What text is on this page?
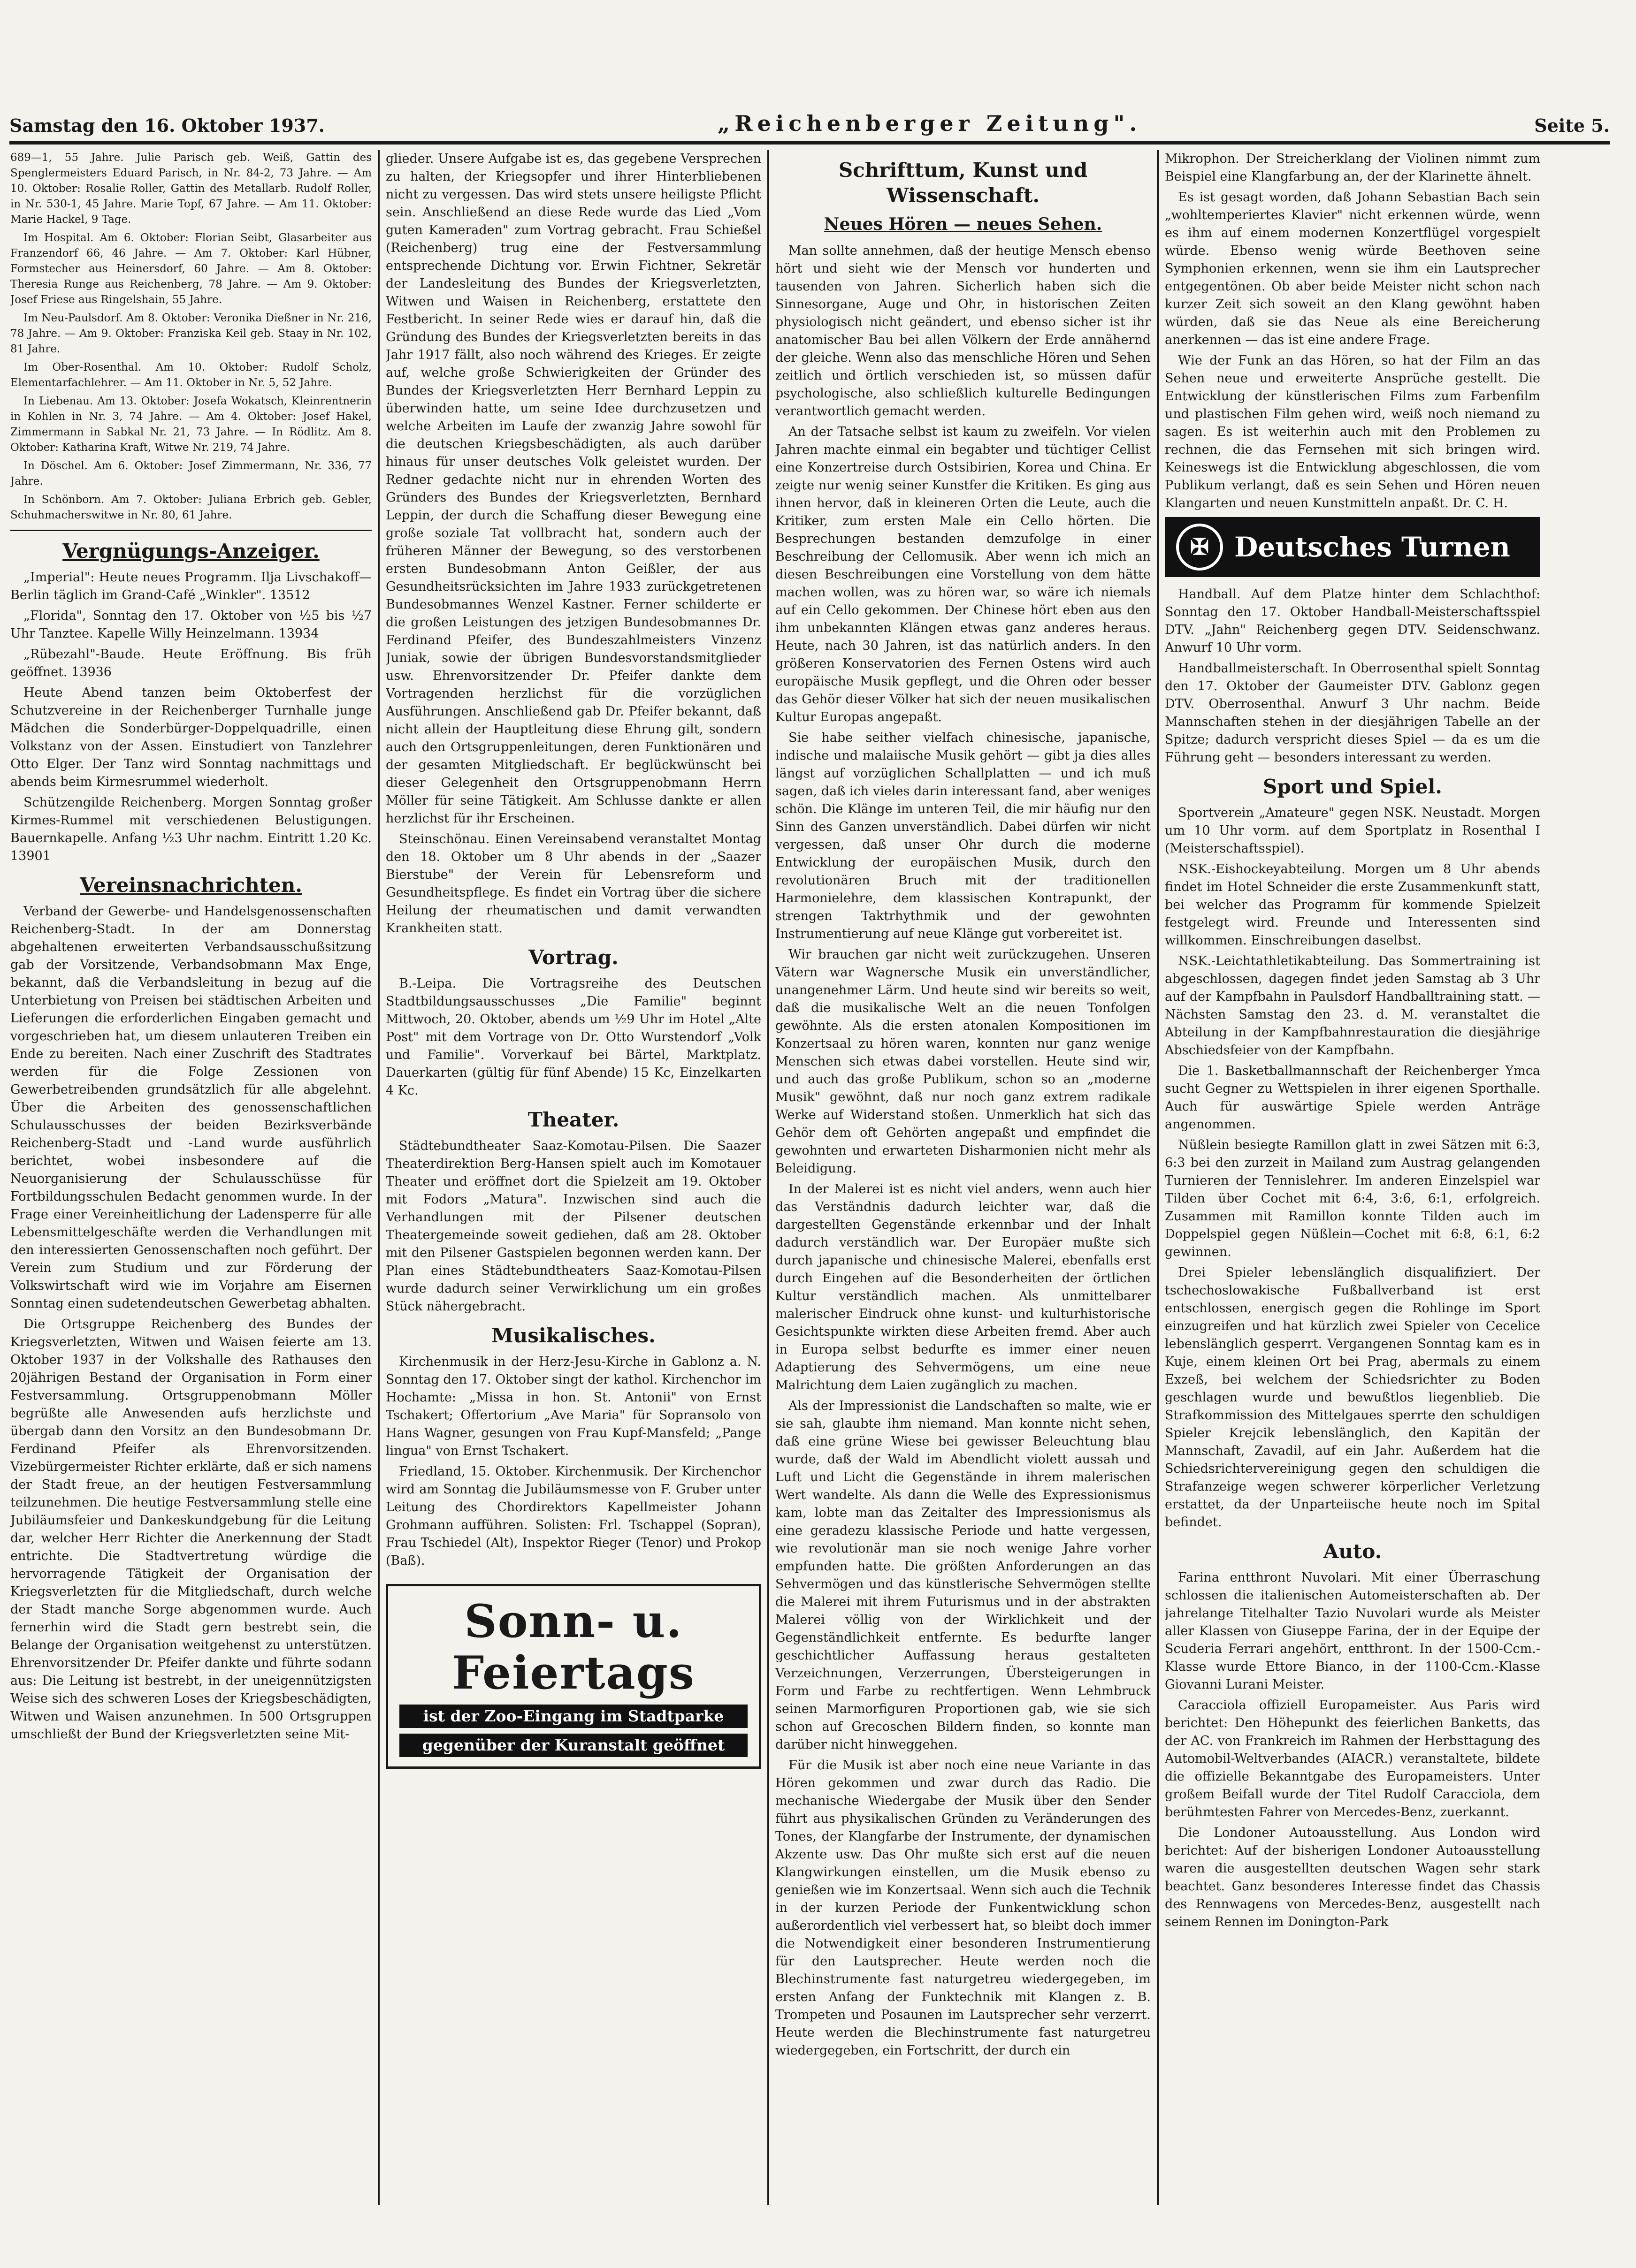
Samstag den 16. Oktober 1937.	„Reichenberger Zeitung".	Seite 5.

689—1, 55 Jahre. Julie Parisch geb. Weiß, Gattin des Spenglermeisters Eduard Parisch, in Nr. 84-2, 73 Jahre. — Am 10. Oktober: Rosalie Roller, Gattin des Metallarb. Rudolf Roller, in Nr. 530-1, 45 Jahre. Marie Topf, 67 Jahre. — Am 11. Oktober: Marie Hackel, 9 Tage.

Im Hospital. Am 6. Oktober: Florian Seibt, Glasarbeiter aus Franzendorf 66, 46 Jahre. — Am 7. Oktober: Karl Hübner, Formstecher aus Heinersdorf, 60 Jahre. — Am 8. Oktober: Theresia Runge aus Reichenberg, 78 Jahre. — Am 9. Oktober: Josef Friese aus Ringelshain, 55 Jahre.

Im Neu-Paulsdorf. Am 8. Oktober: Veronika Dießner in Nr. 216, 78 Jahre. — Am 9. Oktober: Franziska Keil geb. Staay in Nr. 102, 81 Jahre.

Im Ober-Rosenthal. Am 10. Oktober: Rudolf Scholz, Elementarfachlehrer. — Am 11. Oktober in Nr. 5, 52 Jahre.

In Liebenau. Am 13. Oktober: Josefa Wokatsch, Kleinrentnerin in Kohlen in Nr. 3, 74 Jahre. — Am 4. Oktober: Josef Hakel, Zimmermann in Sabkal Nr. 21, 73 Jahre. — In Rödlitz. Am 8. Oktober: Katharina Kraft, Witwe Nr. 219, 74 Jahre.

In Döschel. Am 6. Oktober: Josef Zimmermann, Nr. 336, 77 Jahre.

In Schönborn. Am 7. Oktober: Juliana Erbrich geb. Gebler, Schuhmacherswitwe in Nr. 80, 61 Jahre.

Vergnügungs-Anzeiger.

„Imperial": Heute neues Programm. Ilja Livschakoff—Berlin täglich im Grand-Café „Winkler". 13512

„Florida", Sonntag den 17. Oktober von ½5 bis ½7 Uhr Tanztee. Kapelle Willy Heinzelmann. 13934

„Rübezahl"-Baude. Heute Eröffnung. Bis früh geöffnet. 13936

Heute Abend tanzen beim Oktoberfest der Schutzvereine in der Reichenberger Turnhalle junge Mädchen die Sonderbürger-Doppelquadrille, einen Volkstanz von der Assen. Einstudiert von Tanzlehrer Otto Elger. Der Tanz wird Sonntag nachmittags und abends beim Kirmesrummel wiederholt.

Schützengilde Reichenberg. Morgen Sonntag großer Kirmes-Rummel mit verschiedenen Belustigungen. Bauernkapelle. Anfang ½3 Uhr nachm. Eintritt 1.20 Kc. 13901

Vereinsnachrichten.

Verband der Gewerbe- und Handelsgenossenschaften Reichenberg-Stadt. In der am Donnerstag abgehaltenen erweiterten Verbandsausschußsitzung gab der Vorsitzende, Verbandsobmann Max Enge, bekannt, daß die Verbandsleitung in bezug auf die Unterbietung von Preisen bei städtischen Arbeiten und Lieferungen die erforderlichen Eingaben gemacht und vorgeschrieben hat, um diesem unlauteren Treiben ein Ende zu bereiten. Nach einer Zuschrift des Stadtrates werden für die Folge Zessionen von Gewerbetreibenden grundsätzlich für alle abgelehnt. Über die Arbeiten des genossenschaftlichen Schulausschusses der beiden Bezirksverbände Reichenberg-Stadt und -Land wurde ausführlich berichtet, wobei insbesondere auf die Neuorganisierung der Schulausschüsse für Fortbildungsschulen Bedacht genommen wurde. In der Frage einer Vereinheitlichung der Ladensperre für alle Lebensmittelgeschäfte werden die Verhandlungen mit den interessierten Genossenschaften noch geführt. Der Verein zum Studium und zur Förderung der Volkswirtschaft wird wie im Vorjahre am Eisernen Sonntag einen sudetendeutschen Gewerbetag abhalten.

Die Ortsgruppe Reichenberg des Bundes der Kriegsverletzten, Witwen und Waisen feierte am 13. Oktober 1937 in der Volkshalle des Rathauses den 20jährigen Bestand der Organisation in Form einer Festversammlung. Ortsgruppenobmann Möller begrüßte alle Anwesenden aufs herzlichste und übergab dann den Vorsitz an den Bundesobmann Dr. Ferdinand Pfeifer als Ehrenvorsitzenden. Vizebürgermeister Richter erklärte, daß er sich namens der Stadt freue, an der heutigen Festversammlung teilzunehmen. Die heutige Festversammlung stelle eine Jubiläumsfeier und Dankeskundgebung für die Leitung dar, welcher Herr Richter die Anerkennung der Stadt entrichte. Die Stadtvertretung würdige die hervorragende Tätigkeit der Organisation der Kriegsverletzten für die Mitgliedschaft, durch welche der Stadt manche Sorge abgenommen wurde. Auch fernerhin wird die Stadt gern bestrebt sein, die Belange der Organisation weitgehenst zu unterstützen. Ehrenvorsitzender Dr. Pfeifer dankte und führte sodann aus: Die Leitung ist bestrebt, in der uneigennützigsten Weise sich des schweren Loses der Kriegsbeschädigten, Witwen und Waisen anzunehmen. In 500 Ortsgruppen umschließt der Bund der Kriegsverletzten seine Mit-

glieder. Unsere Aufgabe ist es, das gegebene Versprechen zu halten, der Kriegsopfer und ihrer Hinterbliebenen nicht zu vergessen. Das wird stets unsere heiligste Pflicht sein. Anschließend an diese Rede wurde das Lied „Vom guten Kameraden" zum Vortrag gebracht. Frau Schießel (Reichenberg) trug eine der Festversammlung entsprechende Dichtung vor. Erwin Fichtner, Sekretär der Landesleitung des Bundes der Kriegsverletzten, Witwen und Waisen in Reichenberg, erstattete den Festbericht. In seiner Rede wies er darauf hin, daß die Gründung des Bundes der Kriegsverletzten bereits in das Jahr 1917 fällt, also noch während des Krieges. Er zeigte auf, welche große Schwierigkeiten der Gründer des Bundes der Kriegsverletzten Herr Bernhard Leppin zu überwinden hatte, um seine Idee durchzusetzen und welche Arbeiten im Laufe der zwanzig Jahre sowohl für die deutschen Kriegsbeschädigten, als auch darüber hinaus für unser deutsches Volk geleistet wurden. Der Redner gedachte nicht nur in ehrenden Worten des Gründers des Bundes der Kriegsverletzten, Bernhard Leppin, der durch die Schaffung dieser Bewegung eine große soziale Tat vollbracht hat, sondern auch der früheren Männer der Bewegung, so des verstorbenen ersten Bundesobmann Anton Geißler, der aus Gesundheitsrücksichten im Jahre 1933 zurückgetretenen Bundesobmannes Wenzel Kastner. Ferner schilderte er die großen Leistungen des jetzigen Bundesobmannes Dr. Ferdinand Pfeifer, des Bundeszahlmeisters Vinzenz Juniak, sowie der übrigen Bundesvorstandsmitglieder usw. Ehrenvorsitzender Dr. Pfeifer dankte dem Vortragenden herzlichst für die vorzüglichen Ausführungen. Anschließend gab Dr. Pfeifer bekannt, daß nicht allein der Hauptleitung diese Ehrung gilt, sondern auch den Ortsgruppenleitungen, deren Funktionären und der gesamten Mitgliedschaft. Er beglückwünscht bei dieser Gelegenheit den Ortsgruppenobmann Herrn Möller für seine Tätigkeit. Am Schlusse dankte er allen herzlichst für ihr Erscheinen.

Steinschönau. Einen Vereinsabend veranstaltet Montag den 18. Oktober um 8 Uhr abends in der „Saazer Bierstube" der Verein für Lebensreform und Gesundheitspflege. Es findet ein Vortrag über die sichere Heilung der rheumatischen und damit verwandten Krankheiten statt.

Vortrag.

B.-Leipa. Die Vortragsreihe des Deutschen Stadtbildungsausschusses „Die Familie" beginnt Mittwoch, 20. Oktober, abends um ½9 Uhr im Hotel „Alte Post" mit dem Vortrage von Dr. Otto Wurstendorf „Volk und Familie". Vorverkauf bei Bärtel, Marktplatz. Dauerkarten (gültig für fünf Abende) 15 Kc, Einzelkarten 4 Kc.

Theater.

Städtebundtheater Saaz-Komotau-Pilsen. Die Saazer Theaterdirektion Berg-Hansen spielt auch im Komotauer Theater und eröffnet dort die Spielzeit am 19. Oktober mit Fodors „Matura". Inzwischen sind auch die Verhandlungen mit der Pilsener deutschen Theatergemeinde soweit gediehen, daß am 28. Oktober mit den Pilsener Gastspielen begonnen werden kann. Der Plan eines Städtebundtheaters Saaz-Komotau-Pilsen wurde dadurch seiner Verwirklichung um ein großes Stück nähergebracht.

Musikalisches.

Kirchenmusik in der Herz-Jesu-Kirche in Gablonz a. N. Sonntag den 17. Oktober singt der kathol. Kirchenchor im Hochamte: „Missa in hon. St. Antonii" von Ernst Tschakert; Offertorium „Ave Maria" für Sopransolo von Hans Wagner, gesungen von Frau Kupf-Mansfeld; „Pange lingua" von Ernst Tschakert.

Friedland, 15. Oktober. Kirchenmusik. Der Kirchenchor wird am Sonntag die Jubiläumsmesse von F. Gruber unter Leitung des Chordirektors Kapellmeister Johann Grohmann aufführen. Solisten: Frl. Tschappel (Sopran), Frau Tschiedel (Alt), Inspektor Rieger (Tenor) und Prokop (Baß).

Sonn- u. Feiertags
ist der Zoo-Eingang im Stadtparke
gegenüber der Kuranstalt geöffnet
Schrifttum, Kunst und Wissenschaft.
Neues Hören — neues Sehen.

Man sollte annehmen, daß der heutige Mensch ebenso hört und sieht wie der Mensch vor hunderten und tausenden von Jahren. Sicherlich haben sich die Sinnesorgane, Auge und Ohr, in historischen Zeiten physiologisch nicht geändert, und ebenso sicher ist ihr anatomischer Bau bei allen Völkern der Erde annähernd der gleiche. Wenn also das menschliche Hören und Sehen zeitlich und örtlich verschieden ist, so müssen dafür psychologische, also schließlich kulturelle Bedingungen verantwortlich gemacht werden.

An der Tatsache selbst ist kaum zu zweifeln. Vor vielen Jahren machte einmal ein begabter und tüchtiger Cellist eine Konzertreise durch Ostsibirien, Korea und China. Er zeigte nur wenig seiner Kunstfer die Kritiken. Es ging aus ihnen hervor, daß in kleineren Orten die Leute, auch die Kritiker, zum ersten Male ein Cello hörten. Die Besprechungen bestanden demzufolge in einer Beschreibung der Cellomusik. Aber wenn ich mich an diesen Beschreibungen eine Vorstellung von dem hätte machen wollen, was zu hören war, so wäre ich niemals auf ein Cello gekommen. Der Chinese hört eben aus den ihm unbekannten Klängen etwas ganz anderes heraus. Heute, nach 30 Jahren, ist das natürlich anders. In den größeren Konservatorien des Fernen Ostens wird auch europäische Musik gepflegt, und die Ohren oder besser das Gehör dieser Völker hat sich der neuen musikalischen Kultur Europas angepaßt.

Sie habe seither vielfach chinesische, japanische, indische und malaiische Musik gehört — gibt ja dies alles längst auf vorzüglichen Schallplatten — und ich muß sagen, daß ich vieles darin interessant fand, aber weniges schön. Die Klänge im unteren Teil, die mir häufig nur den Sinn des Ganzen unverständlich. Dabei dürfen wir nicht vergessen, daß unser Ohr durch die moderne Entwicklung der europäischen Musik, durch den revolutionären Bruch mit der traditionellen Harmonielehre, dem klassischen Kontrapunkt, der strengen Taktrhythmik und der gewohnten Instrumentierung auf neue Klänge gut vorbereitet ist.

Wir brauchen gar nicht weit zurückzugehen. Unseren Vätern war Wagnersche Musik ein unverständlicher, unangenehmer Lärm. Und heute sind wir bereits so weit, daß die musikalische Welt an die neuen Tonfolgen gewöhnte. Als die ersten atonalen Kompositionen im Konzertsaal zu hören waren, konnten nur ganz wenige Menschen sich etwas dabei vorstellen. Heute sind wir, und auch das große Publikum, schon so an „moderne Musik" gewöhnt, daß nur noch ganz extrem radikale Werke auf Widerstand stoßen. Unmerklich hat sich das Gehör dem oft Gehörten angepaßt und empfindet die gewohnten und erwarteten Disharmonien nicht mehr als Beleidigung.

In der Malerei ist es nicht viel anders, wenn auch hier das Verständnis dadurch leichter war, daß die dargestellten Gegenstände erkennbar und der Inhalt dadurch verständlich war. Der Europäer mußte sich durch japanische und chinesische Malerei, ebenfalls erst durch Eingehen auf die Besonderheiten der örtlichen Kultur verständlich machen. Als unmittelbarer malerischer Eindruck ohne kunst- und kulturhistorische Gesichtspunkte wirkten diese Arbeiten fremd. Aber auch in Europa selbst bedurfte es immer einer neuen Adaptierung des Sehvermögens, um eine neue Malrichtung dem Laien zugänglich zu machen.

Als der Impressionist die Landschaften so malte, wie er sie sah, glaubte ihm niemand. Man konnte nicht sehen, daß eine grüne Wiese bei gewisser Beleuchtung blau wurde, daß der Wald im Abendlicht violett aussah und Luft und Licht die Gegenstände in ihrem malerischen Wert wandelte. Als dann die Welle des Expressionismus kam, lobte man das Zeitalter des Impressionismus als eine geradezu klassische Periode und hatte vergessen, wie revolutionär man sie noch wenige Jahre vorher empfunden hatte. Die größten Anforderungen an das Sehvermögen und das künstlerische Sehvermögen stellte die Malerei mit ihrem Futurismus und in der abstrakten Malerei völlig von der Wirklichkeit und der Gegenständlichkeit entfernte. Es bedurfte langer geschichtlicher Auffassung heraus gestalteten Verzeichnungen, Verzerrungen, Übersteigerungen in Form und Farbe zu rechtfertigen. Wenn Lehmbruck seinen Marmorfiguren Proportionen gab, wie sie sich schon auf Grecoschen Bildern finden, so konnte man darüber nicht hinweggehen.

Für die Musik ist aber noch eine neue Variante in das Hören gekommen und zwar durch das Radio. Die mechanische Wiedergabe der Musik über den Sender führt aus physikalischen Gründen zu Veränderungen des Tones, der Klangfarbe der Instrumente, der dynamischen Akzente usw. Das Ohr mußte sich erst auf die neuen Klangwirkungen einstellen, um die Musik ebenso zu genießen wie im Konzertsaal. Wenn sich auch die Technik in der kurzen Periode der Funkentwicklung schon außerordentlich viel verbessert hat, so bleibt doch immer die Notwendigkeit einer besonderen Instrumentierung für den Lautsprecher. Heute werden noch die Blechinstrumente fast naturgetreu wiedergegeben, im ersten Anfang der Funktechnik mit Klangen z. B. Trompeten und Posaunen im Lautsprecher sehr verzerrt. Heute werden die Blechinstrumente fast naturgetreu wiedergegeben, ein Fortschritt, der durch ein

Mikrophon. Der Streicherklang der Violinen nimmt zum Beispiel eine Klangfarbung an, der der Klarinette ähnelt.

Es ist gesagt worden, daß Johann Sebastian Bach sein „wohltemperiertes Klavier" nicht erkennen würde, wenn es ihm auf einem modernen Konzertflügel vorgespielt würde. Ebenso wenig würde Beethoven seine Symphonien erkennen, wenn sie ihm ein Lautsprecher entgegentönen. Ob aber beide Meister nicht schon nach kurzer Zeit sich soweit an den Klang gewöhnt haben würden, daß sie das Neue als eine Bereicherung anerkennen — das ist eine andere Frage.

Wie der Funk an das Hören, so hat der Film an das Sehen neue und erweiterte Ansprüche gestellt. Die Entwicklung der künstlerischen Films zum Farbenfilm und plastischen Film gehen wird, weiß noch niemand zu sagen. Es ist weiterhin auch mit den Problemen zu rechnen, die das Fernsehen mit sich bringen wird. Keineswegs ist die Entwicklung abgeschlossen, die vom Publikum verlangt, daß es sein Sehen und Hören neuen Klangarten und neuen Kunstmitteln anpaßt. Dr. C. H.

✠ Deutsches Turnen

Handball. Auf dem Platze hinter dem Schlachthof: Sonntag den 17. Oktober Handball-Meisterschaftsspiel DTV. „Jahn" Reichenberg gegen DTV. Seidenschwanz. Anwurf 10 Uhr vorm.

Handballmeisterschaft. In Oberrosenthal spielt Sonntag den 17. Oktober der Gaumeister DTV. Gablonz gegen DTV. Oberrosenthal. Anwurf 3 Uhr nachm. Beide Mannschaften stehen in der diesjährigen Tabelle an der Spitze; dadurch verspricht dieses Spiel — da es um die Führung geht — besonders interessant zu werden.

Sport und Spiel.

Sportverein „Amateure" gegen NSK. Neustadt. Morgen um 10 Uhr vorm. auf dem Sportplatz in Rosenthal I (Meisterschaftsspiel).

NSK.-Eishockeyabteilung. Morgen um 8 Uhr abends findet im Hotel Schneider die erste Zusammenkunft statt, bei welcher das Programm für kommende Spielzeit festgelegt wird. Freunde und Interessenten sind willkommen. Einschreibungen daselbst.

NSK.-Leichtathletikabteilung. Das Sommertraining ist abgeschlossen, dagegen findet jeden Samstag ab 3 Uhr auf der Kampfbahn in Paulsdorf Handballtraining statt. — Nächsten Samstag den 23. d. M. veranstaltet die Abteilung in der Kampfbahnrestauration die diesjährige Abschiedsfeier von der Kampfbahn.

Die 1. Basketballmannschaft der Reichenberger Ymca sucht Gegner zu Wettspielen in ihrer eigenen Sporthalle. Auch für auswärtige Spiele werden Anträge angenommen.

Nüßlein besiegte Ramillon glatt in zwei Sätzen mit 6:3, 6:3 bei den zurzeit in Mailand zum Austrag gelangenden Turnieren der Tennislehrer. Im anderen Einzelspiel war Tilden über Cochet mit 6:4, 3:6, 6:1, erfolgreich. Zusammen mit Ramillon konnte Tilden auch im Doppelspiel gegen Nüßlein—Cochet mit 6:8, 6:1, 6:2 gewinnen.

Drei Spieler lebenslänglich disqualifiziert. Der tschechoslowakische Fußballverband ist erst entschlossen, energisch gegen die Rohlinge im Sport einzugreifen und hat kürzlich zwei Spieler von Cecelice lebenslänglich gesperrt. Vergangenen Sonntag kam es in Kuje, einem kleinen Ort bei Prag, abermals zu einem Exzeß, bei welchem der Schiedsrichter zu Boden geschlagen wurde und bewußtlos liegenblieb. Die Strafkommission des Mittelgaues sperrte den schuldigen Spieler Krejcik lebenslänglich, den Kapitän der Mannschaft, Zavadil, auf ein Jahr. Außerdem hat die Schiedsrichtervereinigung gegen den schuldigen die Strafanzeige wegen schwerer körperlicher Verletzung erstattet, da der Unparteiische heute noch im Spital befindet.

Auto.

Farina entthront Nuvolari. Mit einer Überraschung schlossen die italienischen Automeisterschaften ab. Der jahrelange Titelhalter Tazio Nuvolari wurde als Meister aller Klassen von Giuseppe Farina, der in der Equipe der Scuderia Ferrari angehört, entthront. In der 1500-Ccm.-Klasse wurde Ettore Bianco, in der 1100-Ccm.-Klasse Giovanni Lurani Meister.

Caracciola offiziell Europameister. Aus Paris wird berichtet: Den Höhepunkt des feierlichen Banketts, das der AC. von Frankreich im Rahmen der Herbsttagung des Automobil-Weltverbandes (AIACR.) veranstaltete, bildete die offizielle Bekanntgabe des Europameisters. Unter großem Beifall wurde der Titel Rudolf Caracciola, dem berühmtesten Fahrer von Mercedes-Benz, zuerkannt.

Die Londoner Autoausstellung. Aus London wird berichtet: Auf der bisherigen Londoner Autoausstellung waren die ausgestellten deutschen Wagen sehr stark beachtet. Ganz besonderes Interesse findet das Chassis des Rennwagens von Mercedes-Benz, ausgestellt nach seinem Rennen im Donington-Park
